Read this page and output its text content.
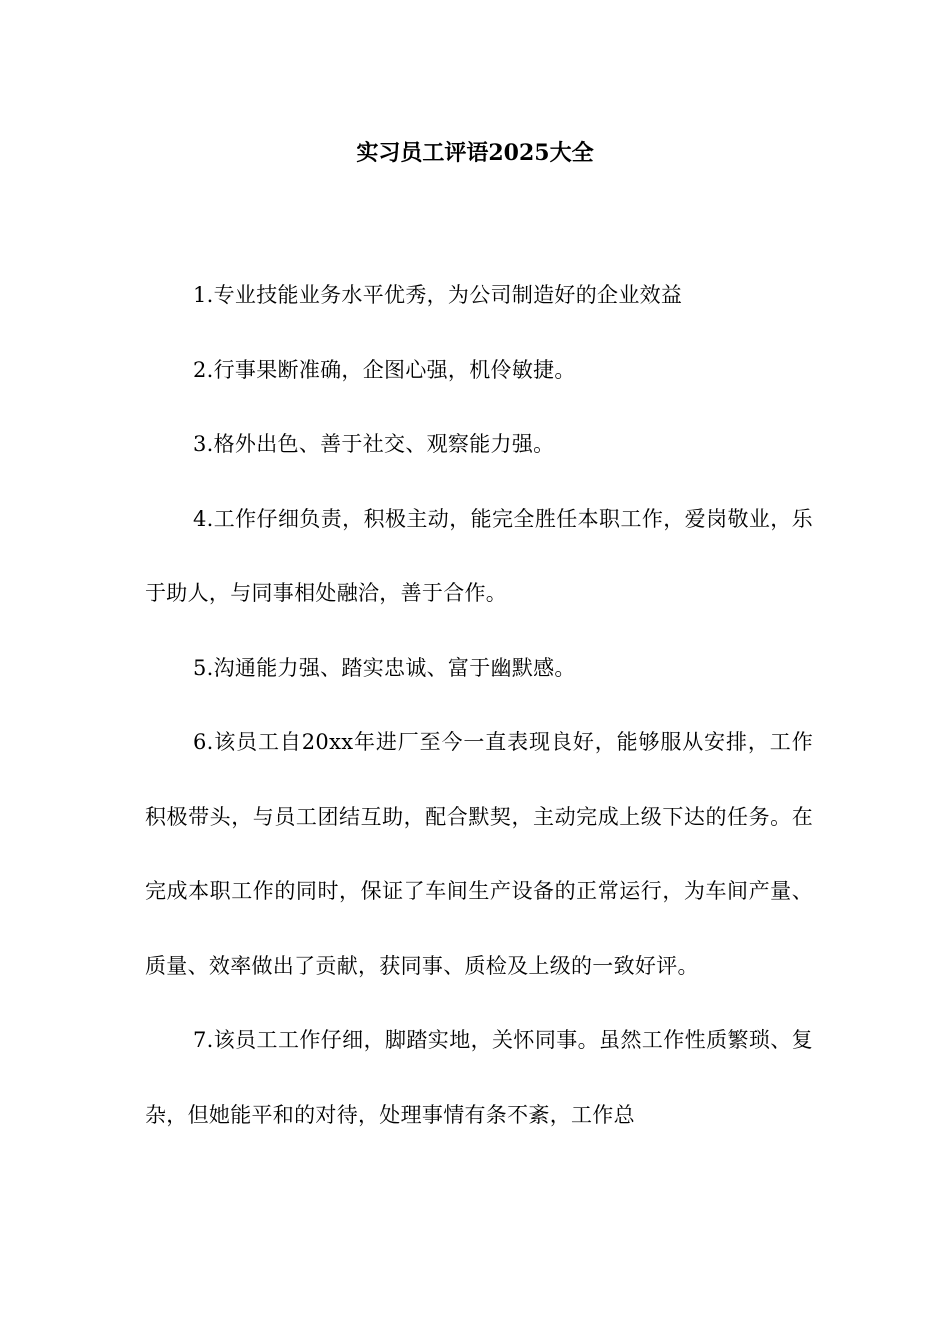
实习员工评语2025大全

1.专业技能业务水平优秀，为公司制造好的企业效益

2.行事果断准确，企图心强，机伶敏捷。

3.格外出色、善于社交、观察能力强。

4.工作仔细负责，积极主动，能完全胜任本职工作，爱岗敬业，乐于助人，与同事相处融洽，善于合作。

5.沟通能力强、踏实忠诚、富于幽默感。

6.该员工自20xx年进厂至今一直表现良好，能够服从安排，工作积极带头，与员工团结互助，配合默契，主动完成上级下达的任务。在完成本职工作的同时，保证了车间生产设备的正常运行，为车间产量、质量、效率做出了贡献，获同事、质检及上级的一致好评。

7.该员工工作仔细，脚踏实地，关怀同事。虽然工作性质繁琐、复杂，但她能平和的对待，处理事情有条不紊，工作总
